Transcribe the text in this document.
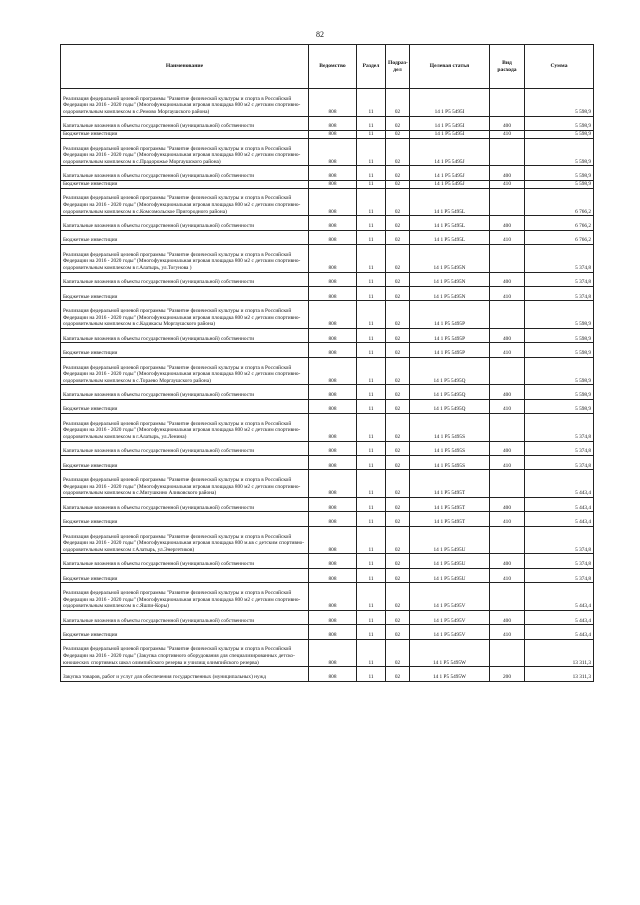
82
Наименование	Ведомство	Раздел	Подраз- дел	Целевая статья	Вид расхода	Сумма
Реализация федеральной целевой программы "Развитие физической культуры и спорта в Российской Федерации на 2016 - 2020 годы" (Многофункциональная игровая площадка 800 м2 с детским спортивно-оздоровительным комплексом в с.Ремово Моргаушского района)	808	11	02	14 1 P5 5495I		5 598,9
Капитальные вложения в объекты государственной (муниципальной) собственности	808	11	02	14 1 P5 5495I	400	5 598,9
Бюджетные инвестиции	808	11	02	14 1 P5 5495I	410	5 598,9
Реализация федеральной целевой программы "Развитие физической культуры и спорта в Российской Федерации на 2016 - 2020 годы" (Многофункциональная игровая площадка 800 м2 с детским спортивно-оздоровительным комплексом в с.Прадорожье Моргаушского района)	808	11	02	14 1 P5 5495J		5 598,9
Капитальные вложения в объекты государственной (муниципальной) собственности	808	11	02	14 1 P5 5495J	400	5 598,9
Бюджетные инвестиции	808	11	02	14 1 P5 5495J	410	5 598,9
Реализация федеральной целевой программы "Развитие физической культуры и спорта в Российской Федерации на 2016 - 2020 годы" (Многофункциональная игровая площадка 800 м2 с детским спортивно-оздоровительным комплексом в с.Комсомольское Пригородного района)	808	11	02	14 1 P5 5495L		6 766,2
Капитальные вложения в объекты государственной (муниципальной) собственности	808	11	02	14 1 P5 5495L	400	6 766,2
Бюджетные инвестиции	808	11	02	14 1 P5 5495L	410	6 766,2
Реализация федеральной целевой программы "Развитие физической культуры и спорта в Российской Федерации на 2016 - 2020 годы" (Многофункциональная игровая площадка 800 м2 с детским спортивно-оздоровительным комплексом в г.Алатырь, ул.Тогунова )	808	11	02	14 1 P5 5495N		5 374,8
Капитальные вложения в объекты государственной (муниципальной) собственности	808	11	02	14 1 P5 5495N	400	5 374,8
Бюджетные инвестиции	808	11	02	14 1 P5 5495N	410	5 374,8
Реализация федеральной целевой программы "Развитие физической культуры и спорта в Российской Федерации на 2016 - 2020 годы" (Многофункциональная игровая площадка 800 м2 с детским спортивно-оздоровительным комплексом в с.Кадикасы Моргаушского района)	808	11	02	14 1 P5 5495P		5 598,9
Капитальные вложения в объекты государственной (муниципальной) собственности	808	11	02	14 1 P5 5495P	400	5 598,9
Бюджетные инвестиции	808	11	02	14 1 P5 5495P	410	5 598,9
Реализация федеральной целевой программы "Развитие физической культуры и спорта в Российской Федерации на 2016 - 2020 годы" (Многофункциональная игровая площадка 800 м2 с детским спортивно-оздоровительным комплексом в с.Тораево Моргаушского района)	808	11	02	14 1 P5 5495Q		5 598,9
Капитальные вложения в объекты государственной (муниципальной) собственности	808	11	02	14 1 P5 5495Q	400	5 598,9
Бюджетные инвестиции	808	11	02	14 1 P5 5495Q	410	5 598,9
Реализация федеральной целевой программы "Развитие физической культуры и спорта в Российской Федерации на 2016 - 2020 годы" (Многофункциональная игровая площадка 800 м2 с детским спортивно-оздоровительным комплексом в г.Алатырь, ул.Ленина)	808	11	02	14 1 P5 5495S		5 374,8
Капитальные вложения в объекты государственной (муниципальной) собственности	808	11	02	14 1 P5 5495S	400	5 374,8
Бюджетные инвестиции	808	11	02	14 1 P5 5495S	410	5 374,8
Реализация федеральной целевой программы "Развитие физической культуры и спорта в Российской Федерации на 2016 - 2020 годы" (Многофункциональная игровая площадка 800 м2 с детским спортивно-оздоровительным комплексом в с.Мигушкино Аликовского района)	808	11	02	14 1 P5 5495T		5 443,4
Капитальные вложения в объекты государственной (муниципальной) собственности	808	11	02	14 1 P5 5495T	400	5 443,4
Бюджетные инвестиции	808	11	02	14 1 P5 5495T	410	5 443,4
Реализация федеральной целевой программы "Развитие физической культуры и спорта в Российской Федерации на 2016 - 2020 годы" (Многофункциональная игровая площадка 800 м.кв с детским спортивно-оздоровительным комплексом г.Алатырь, ул.Энергетиков)	808	11	02	14 1 P5 5495U		5 374,8
Капитальные вложения в объекты государственной (муниципальной) собственности	808	11	02	14 1 P5 5495U	400	5 374,8
Бюджетные инвестиции	808	11	02	14 1 P5 5495U	410	5 374,8
Реализация федеральной целевой программы "Развитие физической культуры и спорта в Российской Федерации на 2016 - 2020 годы" (Многофункциональная игровая площадка 800 м2 с детским спортивно-оздоровительным комплексом в с.Яшпи-Коры)	808	11	02	14 1 P5 5495V		5 443,4
Капитальные вложения в объекты государственной (муниципальной) собственности	808	11	02	14 1 P5 5495V	400	5 443,4
Бюджетные инвестиции	808	11	02	14 1 P5 5495V	410	5 443,4
Реализация федеральной целевой программы "Развитие физической культуры и спорта в Российской Федерации на 2016 - 2020 годы" (Закупка спортивного оборудования для специализированных детско-юношеских спортивных школ олимпийского резерва и училищ олимпийского резерва)	808	11	02	14 1 P5 5495W		13 311,3
Закупка товаров, работ и услуг для обеспечения государственных (муниципальных) нужд	808	11	02	14 1 P5 5495W	200	13 311,3
